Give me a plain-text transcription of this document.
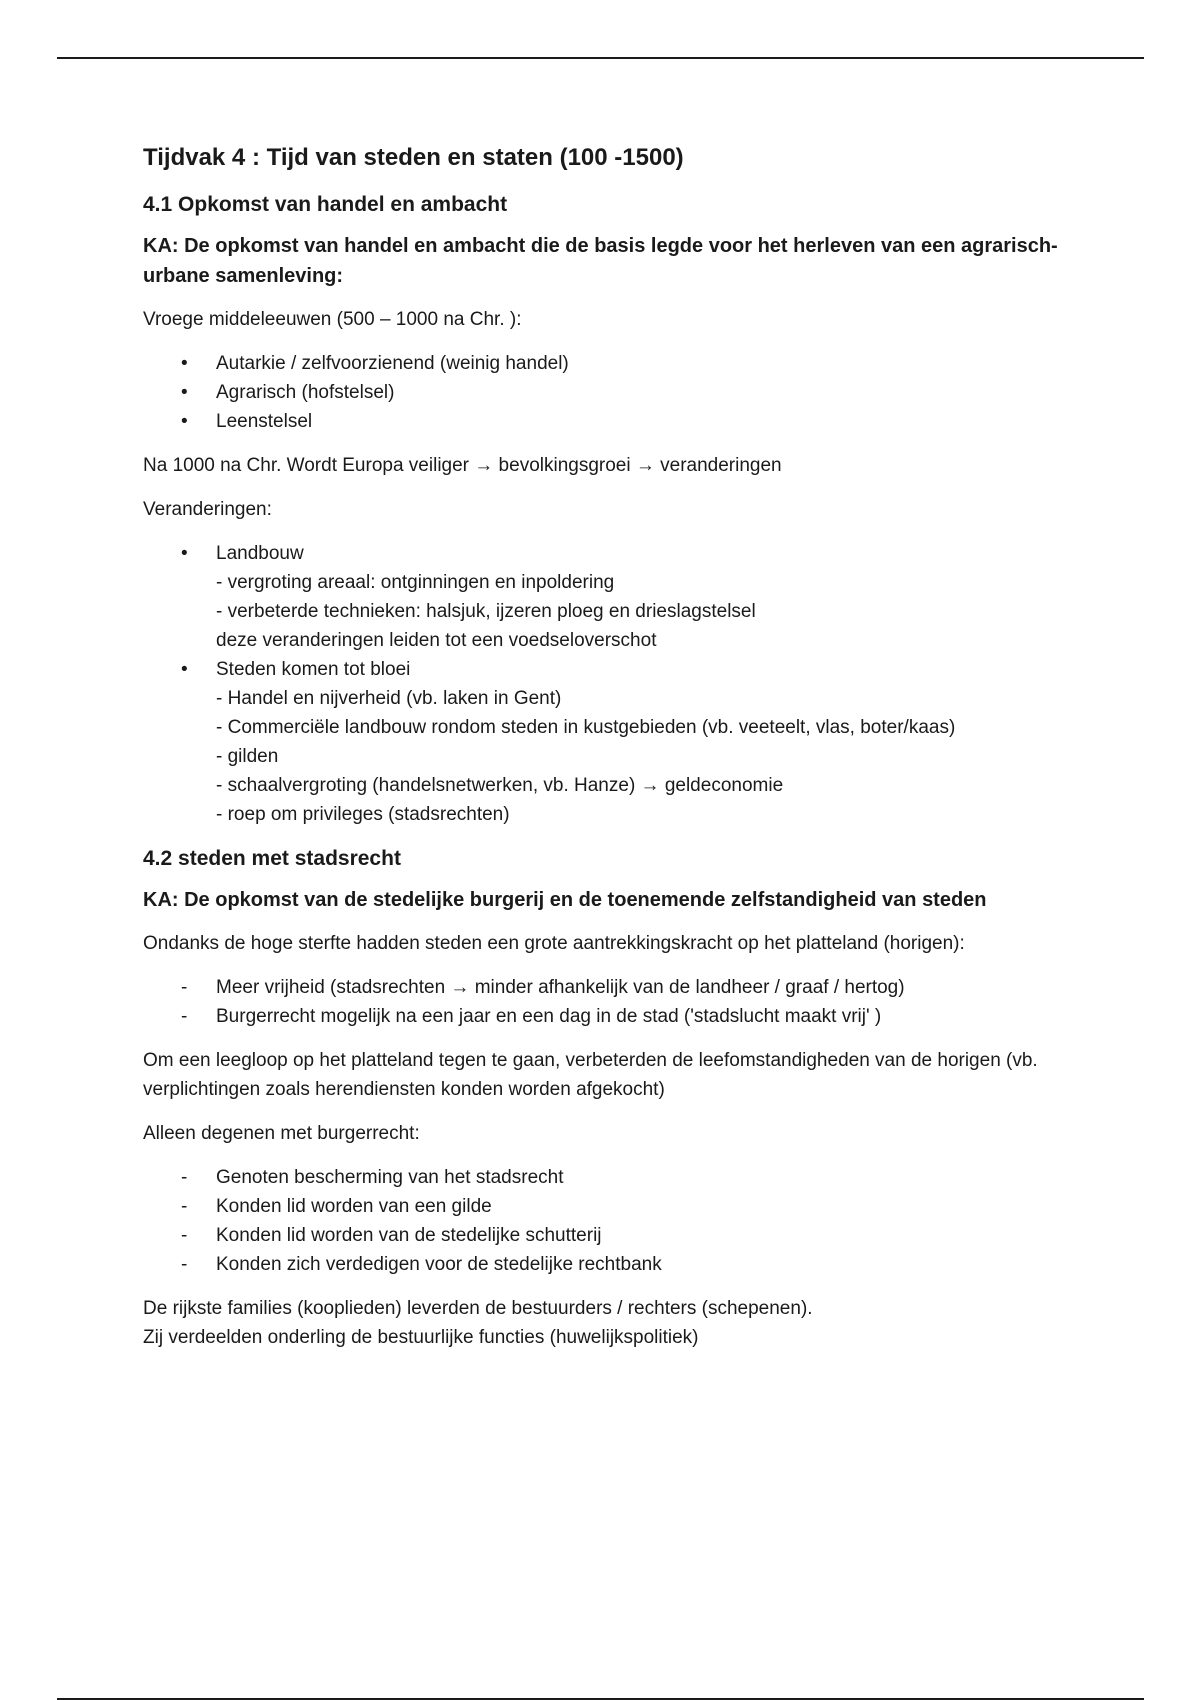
Tijdvak 4 : Tijd van steden en staten (100 -1500)
4.1 Opkomst van handel en ambacht

KA: De opkomst van handel en ambacht die de basis legde voor het herleven van een agrarisch-urbane samenleving:

Vroege middeleeuwen (500 – 1000 na Chr. ):

•	Autarkie / zelfvoorzienend (weinig handel)
•	Agrarisch (hofstelsel)
•	Leenstelsel

Na 1000 na Chr. Wordt Europa veiliger → bevolkingsgroei → veranderingen

Veranderingen:

•	Landbouw
- vergroting areaal: ontginningen en inpoldering
- verbeterde technieken: halsjuk, ijzeren ploeg en drieslagstelsel
deze veranderingen leiden tot een voedseloverschot
•	Steden komen tot bloei
- Handel en nijverheid (vb. laken in Gent)
- Commerciële landbouw rondom steden in kustgebieden (vb. veeteelt, vlas, boter/kaas)
- gilden
- schaalvergroting (handelsnetwerken, vb. Hanze) → geldeconomie
- roep om privileges (stadsrechten)
4.2 steden met stadsrecht

KA: De opkomst van de stedelijke burgerij en de toenemende zelfstandigheid van steden

Ondanks de hoge sterfte hadden steden een grote aantrekkingskracht op het platteland (horigen):

-	Meer vrijheid (stadsrechten → minder afhankelijk van de landheer / graaf / hertog)
-	Burgerrecht mogelijk na een jaar en een dag in de stad ('stadslucht maakt vrij' )

Om een leegloop op het platteland tegen te gaan, verbeterden de leefomstandigheden van de horigen (vb. verplichtingen zoals herendiensten konden worden afgekocht)

Alleen degenen met burgerrecht:

-	Genoten bescherming van het stadsrecht
-	Konden lid worden van een gilde
-	Konden lid worden van de stedelijke schutterij
-	Konden zich verdedigen voor de stedelijke rechtbank

De rijkste families (kooplieden) leverden de bestuurders / rechters (schepenen).

Zij verdeelden onderling de bestuurlijke functies (huwelijkspolitiek)
